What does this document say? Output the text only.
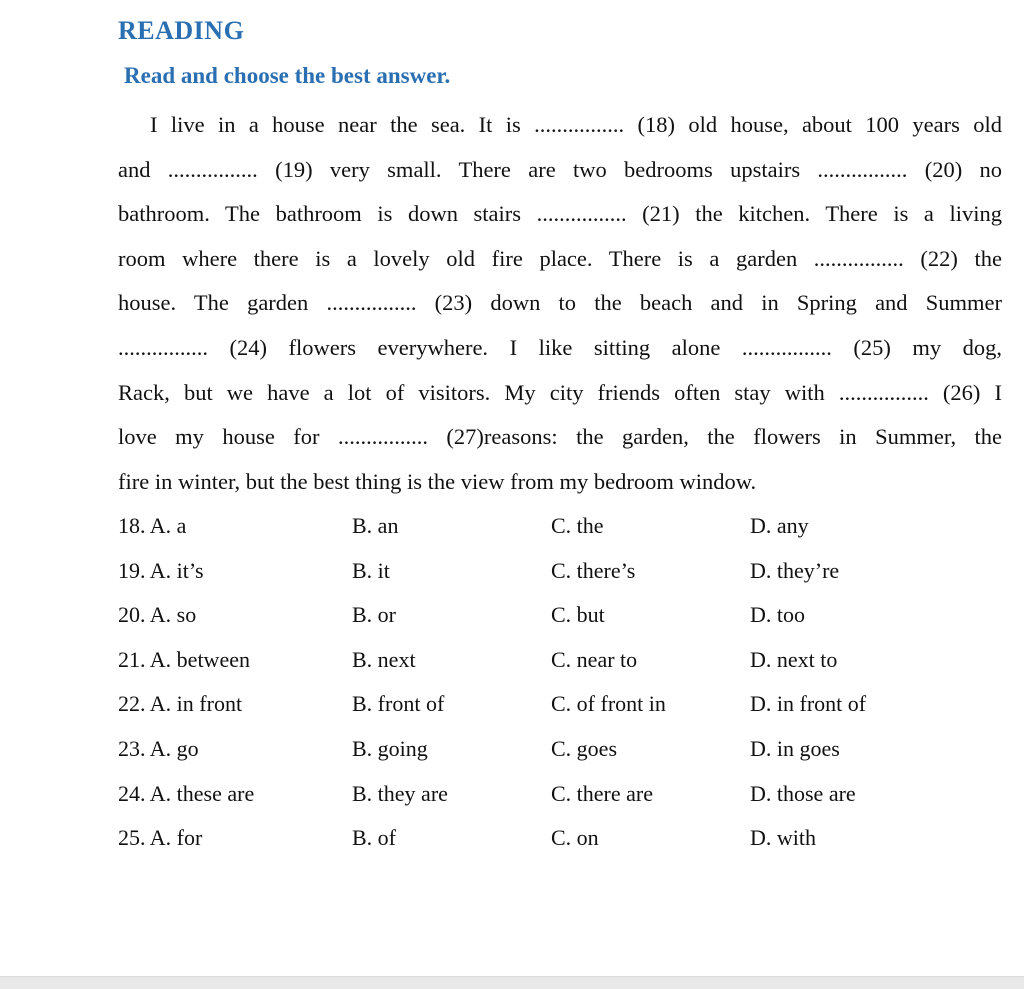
READING
Read and choose the best answer.
I live in a house near the sea. It is ................ (18) old house, about 100 years old
and ................ (19) very small. There are two bedrooms upstairs ................ (20) no
bathroom. The bathroom is down stairs ................ (21) the kitchen. There is a living
room where there is a lovely old fire place. There is a garden ................ (22) the
house. The garden ................ (23) down to the beach and in Spring and Summer
................ (24) flowers everywhere. I like sitting alone ................ (25) my dog,
Rack, but we have a lot of visitors. My city friends often stay with ................ (26) I
love my house for ................ (27)reasons: the garden, the flowers in Summer, the
fire in winter, but the best thing is the view from my bedroom window.
18. A. a	B. an	C. the	D. any
19. A. it’s	B. it	C. there’s	D. they’re
20. A. so	B. or	C. but	D. too
21. A. between	B. next	C. near to	D. next to
22. A. in front	B. front of	C. of front in	D. in front of
23. A. go	B. going	C. goes	D. in goes
24. A. these are	B. they are	C. there are	D. those are
25. A. for	B. of	C. on	D. with
